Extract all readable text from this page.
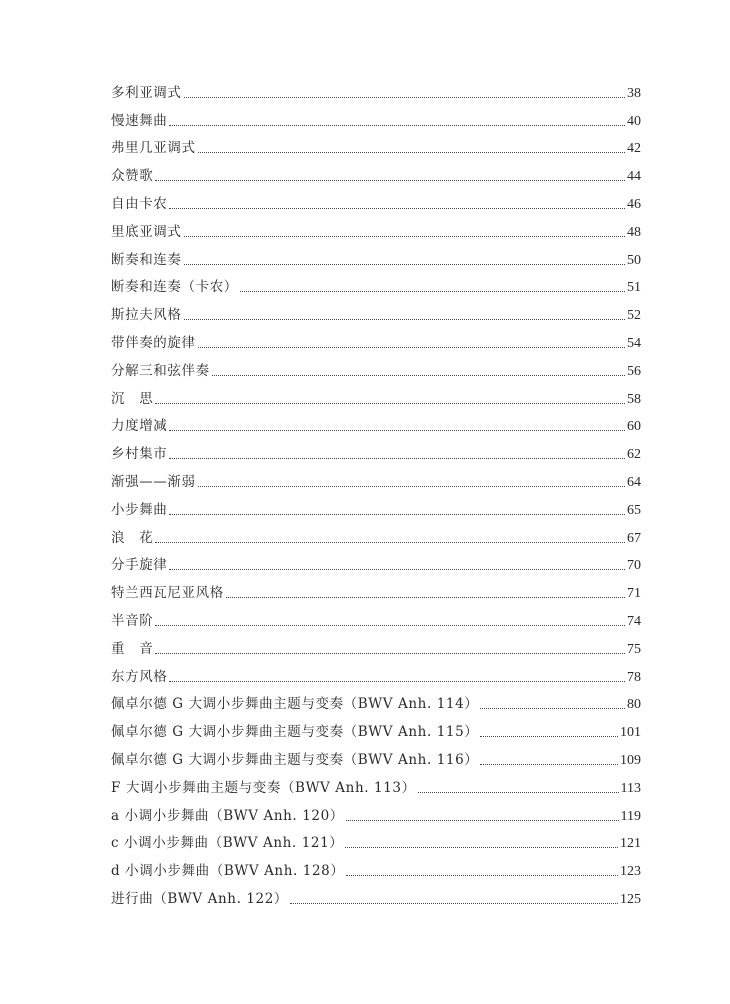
多利亚调式	38
慢速舞曲	40
弗里几亚调式	42
众赞歌	44
自由卡农	46
里底亚调式	48
断奏和连奏	50
断奏和连奏（卡农）	51
斯拉夫风格	52
带伴奏的旋律	54
分解三和弦伴奏	56
沉　思	58
力度增减	60
乡村集市	62
渐强——渐弱	64
小步舞曲	65
浪　花	67
分手旋律	70
特兰西瓦尼亚风格	71
半音阶	74
重　音	75
东方风格	78
佩卓尔德 G 大调小步舞曲主题与变奏（BWV Anh. 114）	80
佩卓尔德 G 大调小步舞曲主题与变奏（BWV Anh. 115）	101
佩卓尔德 G 大调小步舞曲主题与变奏（BWV Anh. 116）	109
F 大调小步舞曲主题与变奏（BWV Anh. 113）	113
a 小调小步舞曲（BWV Anh. 120）	119
c 小调小步舞曲（BWV Anh. 121）	121
d 小调小步舞曲（BWV Anh. 128）	123
进行曲（BWV Anh. 122）	125
